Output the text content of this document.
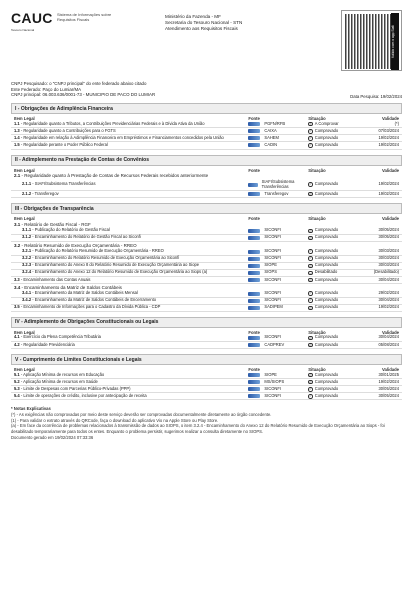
CAUC
Tesouro Nacional
Sistema de Informações sobre Requisitos Fiscais
Ministério da Fazenda - MF
Secretaria do Tesouro Nacional - STN
Atendimento aos Requisitos Fiscais	Válido com o app Siafi
CNPJ Pesquisado: o "CNPJ principal" do ente federado abaixo citado
Ente Federado: Paço do Lumiar/MA
CNPJ principal: 06.003.636/0001-73 - MUNICIPIO DE PACO DO LUMIAR	Data Pesquisa: 19/02/2024
I - Obrigações de Adimplência Financeira
Item Legal	Fonte	Situação	Validade
1.1 - Regularidade quanto a Tributos, a Contribuições Previdenciárias Federais e à Dívida Ativa da União	PGFN/RFB	! A Comprovar	(*)
1.3 - Regularidade quanto a Contribuições para o FGTS	CAIXA	✓ Comprovado	07/03/2024
1.4 - Regularidade em relação à Adimplência Financeira em Empréstimos e Financiamentos concedidos pela União	SAHEM	✓ Comprovado	19/02/2024
1.5 - Regularidade perante o Poder Público Federal	CADIN	✓ Comprovado	19/02/2024
II - Adimplemento na Prestação de Contas de Convênios
Item Legal	Fonte	Situação	Validade
2.1 - Regularidade quanto à Prestação de Contas de Recursos Federais recebidos anteriormente
2.1.1 - SIAFI/Subsistema Transferências	SIAFI/Subsistema Transferências	✓ Comprovado	19/02/2024
2.1.2 - Transferegov	Transferegov	✓ Comprovado	19/02/2024
III - Obrigações de Transparência
Item Legal	Fonte	Situação	Validade
3.1 - Relatório de Gestão Fiscal - RGF
3.1.1 - Publicação do Relatório de Gestão Fiscal	SICONFI	✓ Comprovado	30/05/2024
3.1.2 - Encaminhamento do Relatório de Gestão Fiscal ao Siconfi	SICONFI	✓ Comprovado	30/05/2024
3.2 - Relatório Resumido de Execução Orçamentária - RREO
3.2.1 - Publicação do Relatório Resumido de Execução Orçamentária - RREO	SICONFI	✓ Comprovado	30/03/2024
3.2.2 - Encaminhamento do Relatório Resumido de Execução Orçamentária ao Siconfi	SICONFI	✓ Comprovado	30/03/2024
3.2.3 - Encaminhamento do Anexo 8 do Relatório Resumido de Execução Orçamentária ao Siope	SIOPE	✓ Comprovado	30/03/2024
3.2.4 - Encaminhamento do Anexo 12 do Relatório Resumido de Execução Orçamentária ao Siops (a)	SIOPS	– Desabilitado	(Desabilitado)
3.3 - Encaminhamento das Contas Anuais	SICONFI	✓ Comprovado	30/04/2024
3.4 - Encaminhamento da Matriz de Saldos Contábeis
3.4.1 - Encaminhamento da Matriz de Saldos Contábeis Mensal	SICONFI	✓ Comprovado	29/02/2024
3.4.2 - Encaminhamento da Matriz de Saldos Contábeis de Encerramento	SICONFI	✓ Comprovado	30/04/2024
3.5 - Encaminhamento de Informações para o Cadastro da Dívida Pública - CDP	SADIPEM	✓ Comprovado	19/02/2024
IV - Adimplemento de Obrigações Constitucionais ou Legais
Item Legal	Fonte	Situação	Validade
4.1 - Exercício da Plena Competência Tributária	SICONFI	✓ Comprovado	30/04/2024
4.2 - Regularidade Previdenciária	CADPREV	✓ Comprovado	05/08/2024
V - Cumprimento de Limites Constitucionais e Legais
Item Legal	Fonte	Situação	Validade
5.1 - Aplicação Mínima de recursos em Educação	SIOPE	✓ Comprovado	30/01/2025
5.2 - Aplicação Mínima de recursos em Saúde	MS/SIOPS	✓ Comprovado	19/02/2024
5.3 - Limite de Despesas com Parcerias Público-Privadas (PPP)	SICONFI	✓ Comprovado	30/05/2024
5.4 - Limite de operações de crédito, inclusive por antecipação de receita	SICONFI	✓ Comprovado	30/05/2024
* Notas Explicativas
(*) - As exigências não comprovadas por meio deste serviço deverão ser comprovadas documentalmente diretamente ao órgão concedente.
(1) - Para validar o extrato através do QRCode, faça o download do aplicativo Vio na Apple Store ou Play Store.
(a) - Em face da ocorrência de problemas relacionados à transmissão de dados ao SIOPS, o item 3.2.4 - Encaminhamento do Anexo 12 do Relatório Resumido de Execução Orçamentária ao Siops - foi desabilitado temporariamente para todos os entes. Enquanto o problema persistir, sugerimos realizar a consulta diretamente no SIOPS.
Documento gerado em 19/02/2024 07:33:36
